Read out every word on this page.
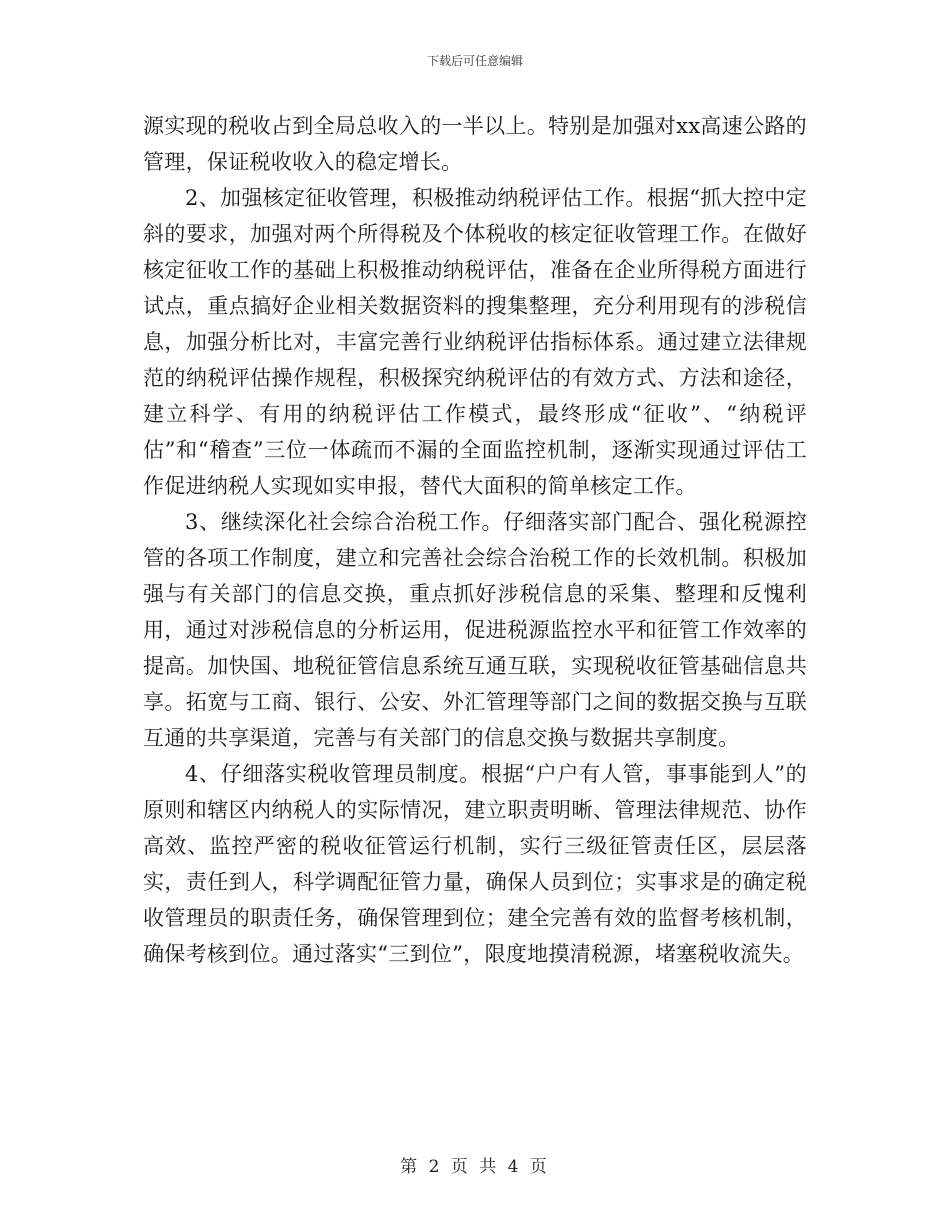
下载后可任意编辑

源实现的税收占到全局总收入的一半以上。特别是加强对xx高速公路的管理，保证税收收入的稳定增长。

2、加强核定征收管理，积极推动纳税评估工作。根据“抓大控中定斜的要求，加强对两个所得税及个体税收的核定征收管理工作。在做好核定征收工作的基础上积极推动纳税评估，准备在企业所得税方面进行试点，重点搞好企业相关数据资料的搜集整理，充分利用现有的涉税信息，加强分析比对，丰富完善行业纳税评估指标体系。通过建立法律规范的纳税评估操作规程，积极探究纳税评估的有效方式、方法和途径，建立科学、有用的纳税评估工作模式，最终形成“征收”、“纳税评估”和“稽查”三位一体疏而不漏的全面监控机制，逐渐实现通过评估工作促进纳税人实现如实申报，替代大面积的简单核定工作。

3、继续深化社会综合治税工作。仔细落实部门配合、强化税源控管的各项工作制度，建立和完善社会综合治税工作的长效机制。积极加强与有关部门的信息交换，重点抓好涉税信息的采集、整理和反愧利用，通过对涉税信息的分析运用，促进税源监控水平和征管工作效率的提高。加快国、地税征管信息系统互通互联，实现税收征管基础信息共享。拓宽与工商、银行、公安、外汇管理等部门之间的数据交换与互联互通的共享渠道，完善与有关部门的信息交换与数据共享制度。

4、仔细落实税收管理员制度。根据“户户有人管，事事能到人”的原则和辖区内纳税人的实际情况，建立职责明晰、管理法律规范、协作高效、监控严密的税收征管运行机制，实行三级征管责任区，层层落实，责任到人，科学调配征管力量，确保人员到位；实事求是的确定税收管理员的职责任务，确保管理到位；建全完善有效的监督考核机制，确保考核到位。通过落实“三到位”，限度地摸清税源，堵塞税收流失。

第 2 页 共 4 页
